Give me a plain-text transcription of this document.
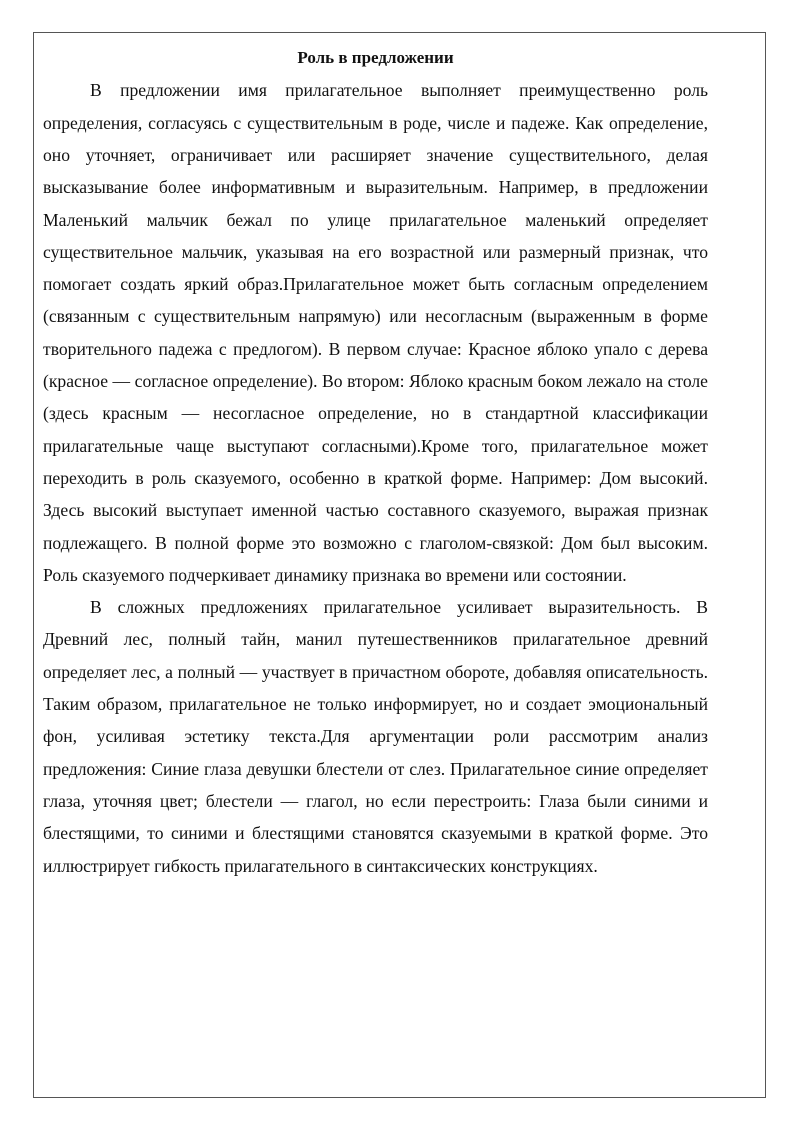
Роль в предложении

В предложении имя прилагательное выполняет преимущественно роль определения, согласуясь с существительным в роде, числе и падеже. Как определение, оно уточняет, ограничивает или расширяет значение существительного, делая высказывание более информативным и выразительным. Например, в предложении Маленький мальчик бежал по улице прилагательное маленький определяет существительное мальчик, указывая на его возрастной или размерный признак, что помогает создать яркий образ.Прилагательное может быть согласным определением (связанным с существительным напрямую) или несогласным (выраженным в форме творительного падежа с предлогом). В первом случае: Красное яблоко упало с дерева (красное — согласное определение). Во втором: Яблоко красным боком лежало на столе (здесь красным — несогласное определение, но в стандартной классификации прилагательные чаще выступают согласными).Кроме того, прилагательное может переходить в роль сказуемого, особенно в краткой форме. Например: Дом высокий. Здесь высокий выступает именной частью составного сказуемого, выражая признак подлежащего. В полной форме это возможно с глаголом-связкой: Дом был высоким. Роль сказуемого подчеркивает динамику признака во времени или состоянии.

В сложных предложениях прилагательное усиливает выразительность. В Древний лес, полный тайн, манил путешественников прилагательное древний определяет лес, а полный — участвует в причастном обороте, добавляя описательность. Таким образом, прилагательное не только информирует, но и создает эмоциональный фон, усиливая эстетику текста.Для аргументации роли рассмотрим анализ предложения: Синие глаза девушки блестели от слез. Прилагательное синие определяет глаза, уточняя цвет; блестели — глагол, но если перестроить: Глаза были синими и блестящими, то синими и блестящими становятся сказуемыми в краткой форме. Это иллюстрирует гибкость прилагательного в синтаксических конструкциях.
